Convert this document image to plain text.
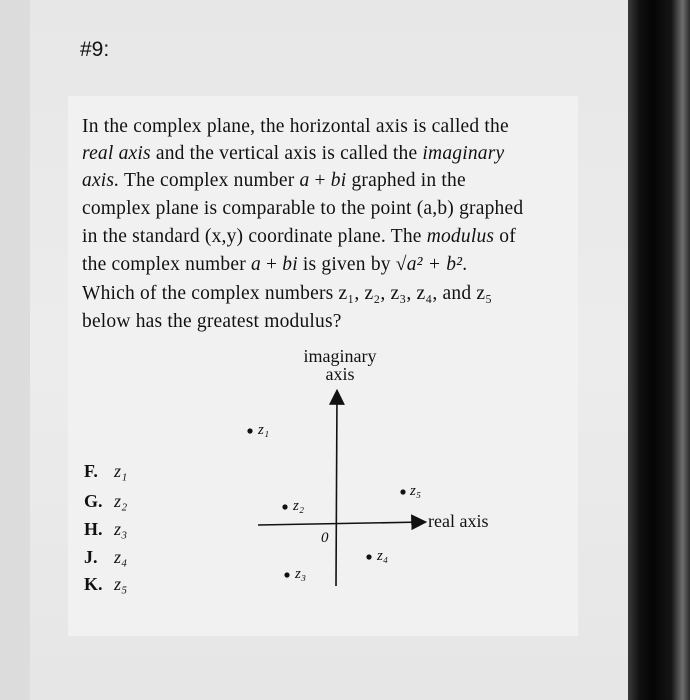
#9:
In the complex plane, the horizontal axis is called the
real axis and the vertical axis is called the imaginary
axis. The complex number a + bi graphed in the
complex plane is comparable to the point (a,b) graphed
in the standard (x,y) coordinate plane. The modulus of
the complex number a + bi is given by √a² + b².
Which of the complex numbers z₁, z₂, z₃, z₄, and z₅
below has the greatest modulus?
imaginary
axis
real axis
0
z₁
z₂
z₃
z₄
z₅
F. z₁
G. z₂
H. z₃
J. z₄
K. z₅
